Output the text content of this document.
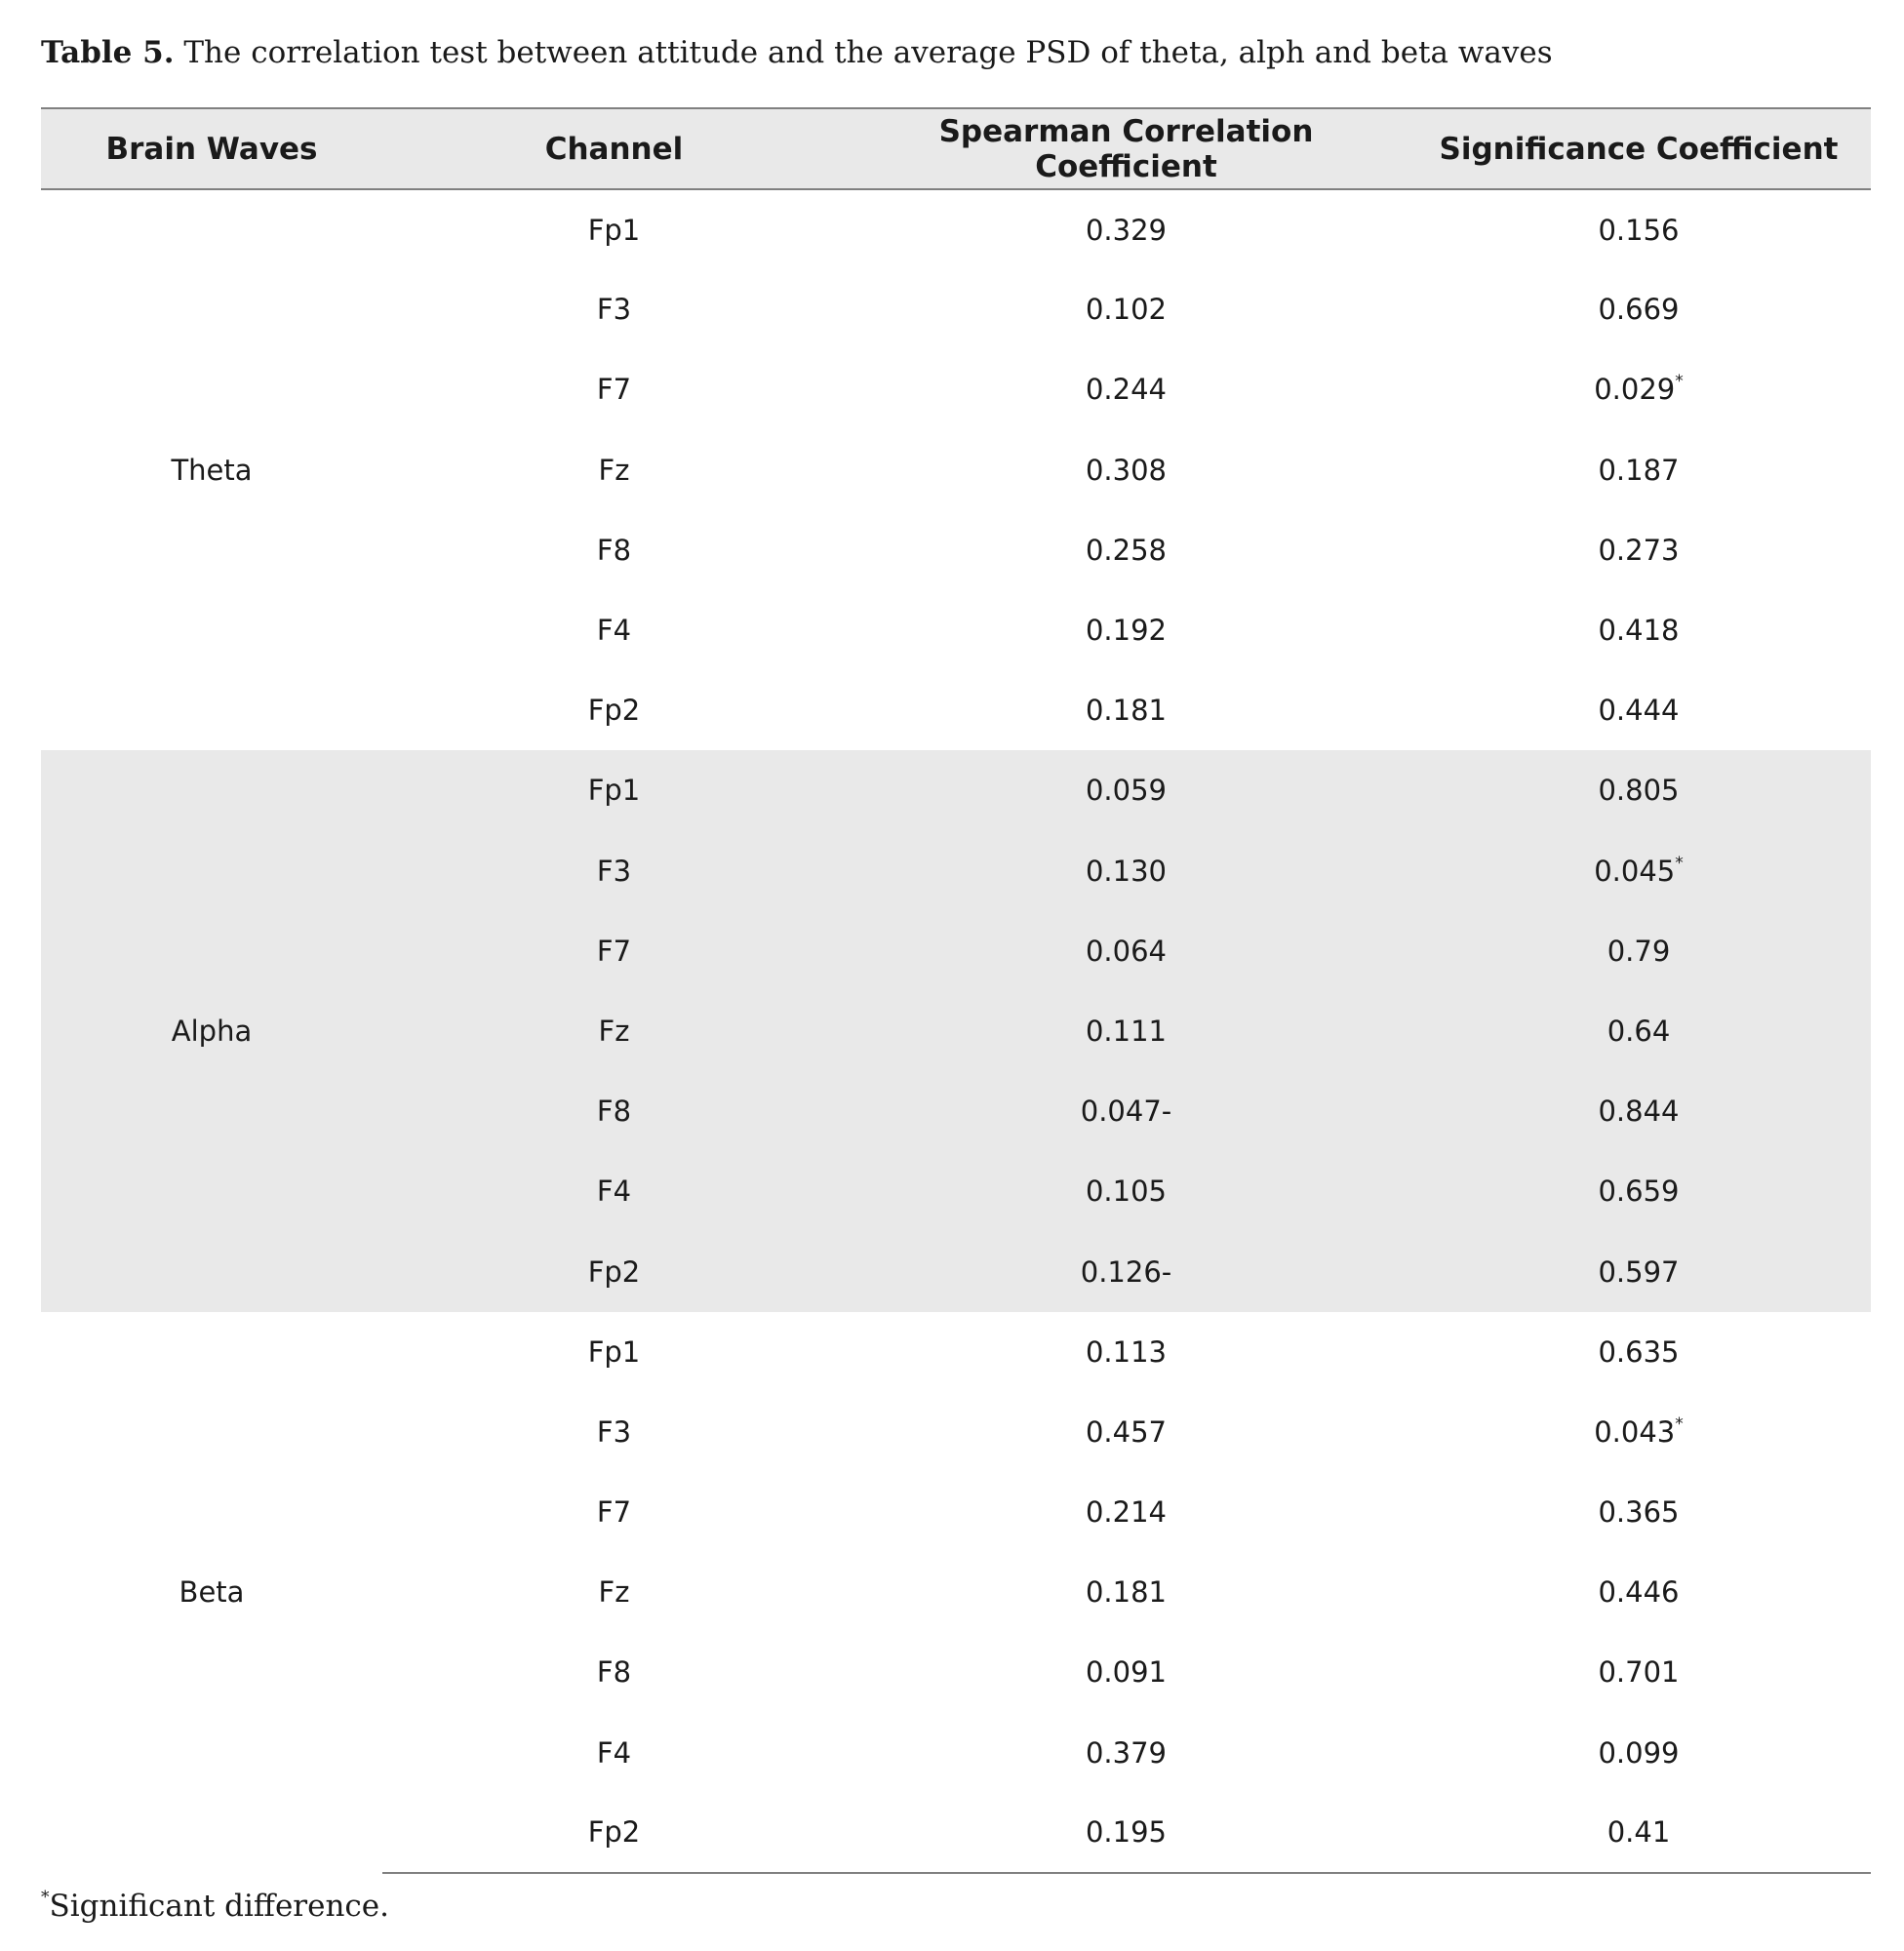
Table 5. The correlation test between attitude and the average PSD of theta, alph and beta waves
Brain Waves	Channel	Spearman Correlation Coefficient	Significance Coefficient
Theta	Fp1	0.329	0.156
	F3	0.102	0.669
	F7	0.244	0.029*
	Fz	0.308	0.187
	F8	0.258	0.273
	F4	0.192	0.418
	Fp2	0.181	0.444
Alpha	Fp1	0.059	0.805
	F3	0.130	0.045*
	F7	0.064	0.79
	Fz	0.111	0.64
	F8	0.047-	0.844
	F4	0.105	0.659
	Fp2	0.126-	0.597
Beta	Fp1	0.113	0.635
	F3	0.457	0.043*
	F7	0.214	0.365
	Fz	0.181	0.446
	F8	0.091	0.701
	F4	0.379	0.099
	Fp2	0.195	0.41
*Significant difference.
